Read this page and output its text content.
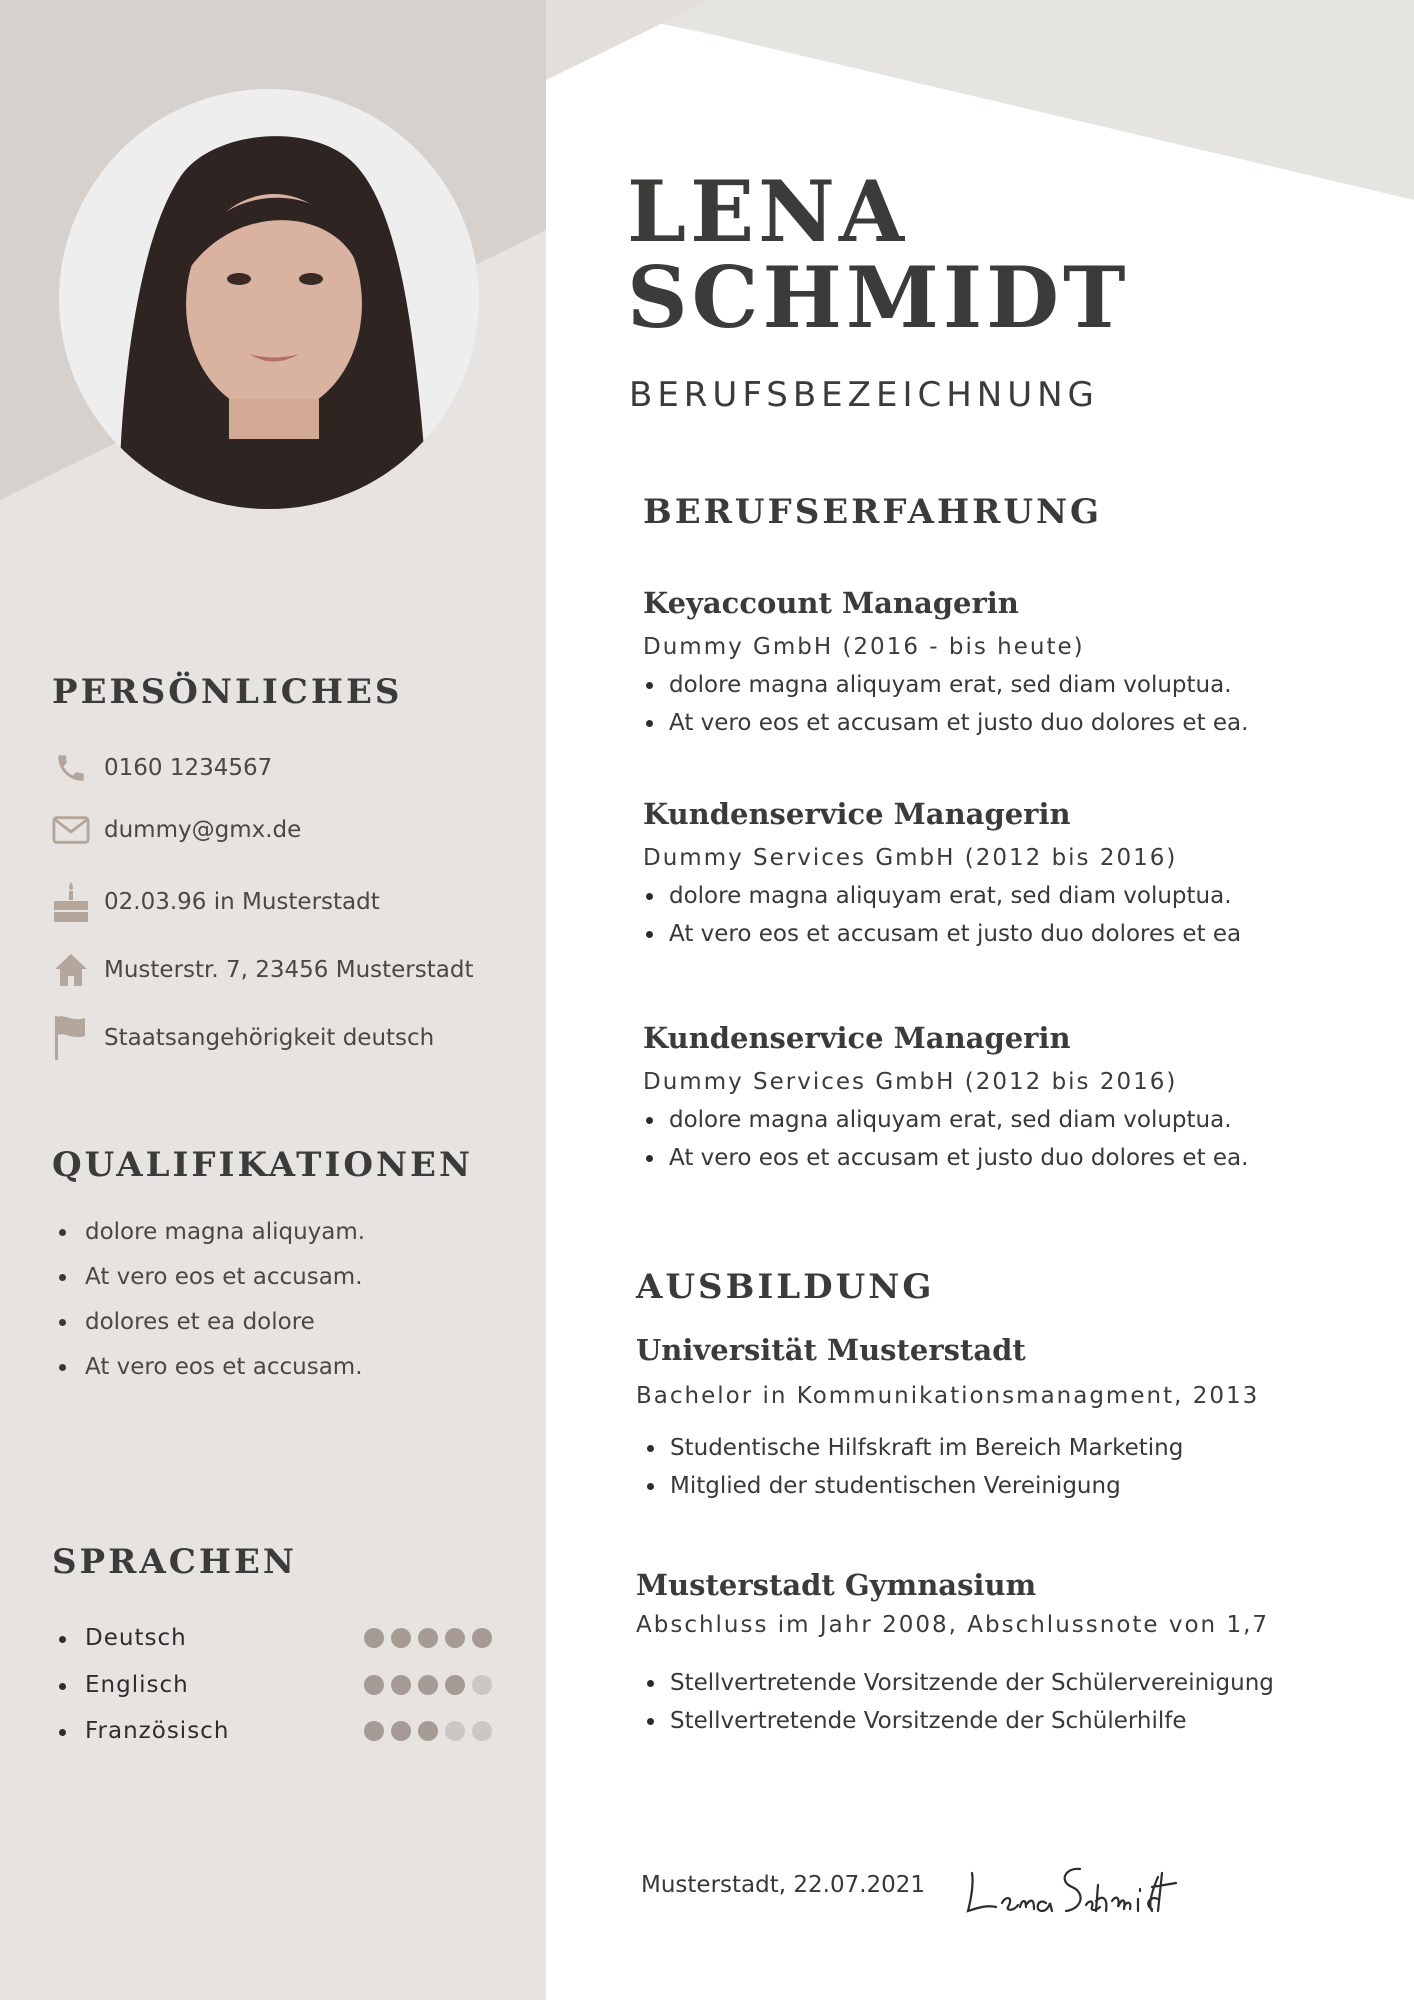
LENA
SCHMIDT
BERUFSBEZEICHNUNG
PERSÖNLICHES
0160 1234567
dummy@gmx.de
02.03.96 in Musterstadt
Musterstr. 7, 23456 Musterstadt
Staatsangehörigkeit deutsch
QUALIFIKATIONEN
dolore magna aliquyam.
At vero eos et accusam.
dolores et ea dolore
At vero eos et accusam.
SPRACHEN
Deutsch
Englisch
Französisch
BERUFSERFAHRUNG
Keyaccount Managerin
Dummy GmbH (2016 - bis heute)
dolore magna aliquyam erat, sed diam voluptua.
At vero eos et accusam et justo duo dolores et ea.
Kundenservice Managerin
Dummy Services GmbH (2012 bis 2016)
dolore magna aliquyam erat, sed diam voluptua.
At vero eos et accusam et justo duo dolores et ea
Kundenservice Managerin
Dummy Services GmbH (2012 bis 2016)
dolore magna aliquyam erat, sed diam voluptua.
At vero eos et accusam et justo duo dolores et ea.
AUSBILDUNG
Universität Musterstadt
Bachelor in Kommunikationsmanagment, 2013
Studentische Hilfskraft im Bereich Marketing
Mitglied der studentischen Vereinigung
Musterstadt Gymnasium
Abschluss im Jahr 2008, Abschlussnote von 1,7
Stellvertretende Vorsitzende der Schülervereinigung
Stellvertretende Vorsitzende der Schülerhilfe
Musterstadt, 22.07.2021
